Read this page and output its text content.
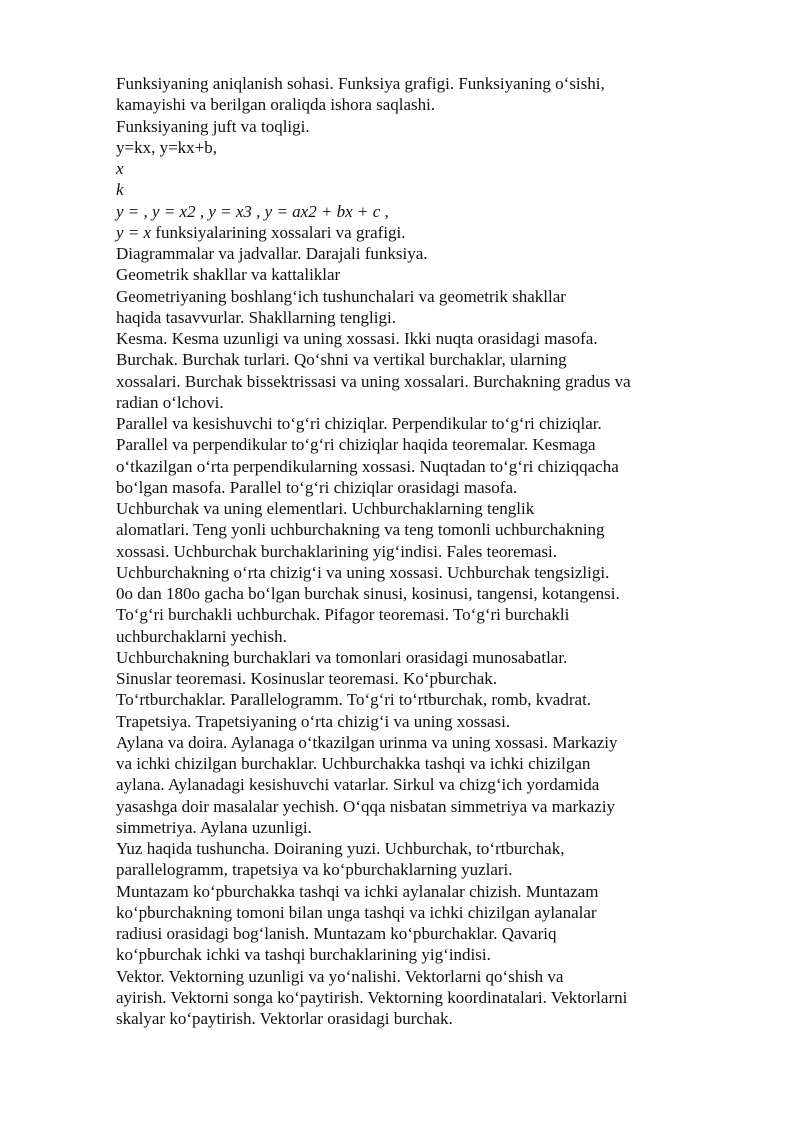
Funksiyaning aniqlanish sohasi. Funksiya grafigi. Funksiyaning o‘sishi,
kamayishi va berilgan oraliqda ishora saqlashi.
Funksiyaning juft va toqligi.
y=kx, y=kx+b,
x
k
y = , y = x2 , y = x3 , y = ax2 + bx + c ,
y = x funksiyalarining xossalari va grafigi.
Diagrammalar va jadvallar. Darajali funksiya.
Geometrik shakllar va kattaliklar
Geometriyaning boshlang‘ich tushunchalari va geometrik shakllar
haqida tasavvurlar. Shakllarning tengligi.
Kesma. Kesma uzunligi va uning xossasi. Ikki nuqta orasidagi masofa.
Burchak. Burchak turlari. Qo‘shni va vertikal burchaklar, ularning
xossalari. Burchak bissektrissasi va uning xossalari. Burchakning gradus va
radian o‘lchovi.
Parallel va kesishuvchi to‘g‘ri chiziqlar. Perpendikular to‘g‘ri chiziqlar.
Parallel va perpendikular to‘g‘ri chiziqlar haqida teoremalar. Kesmaga
o‘tkazilgan o‘rta perpendikularning xossasi. Nuqtadan to‘g‘ri chiziqqacha
bo‘lgan masofa. Parallel to‘g‘ri chiziqlar orasidagi masofa.
Uchburchak va uning elementlari. Uchburchaklarning tenglik
alomatlari. Teng yonli uchburchakning va teng tomonli uchburchakning
xossasi. Uchburchak burchaklarining yig‘indisi. Fales teoremasi.
Uchburchakning o‘rta chizig‘i va uning xossasi. Uchburchak tengsizligi.
0o dan 180o gacha bo‘lgan burchak sinusi, kosinusi, tangensi, kotangensi.
To‘g‘ri burchakli uchburchak. Pifagor teoremasi. To‘g‘ri burchakli
uchburchaklarni yechish.
Uchburchakning burchaklari va tomonlari orasidagi munosabatlar.
Sinuslar teoremasi. Kosinuslar teoremasi. Ko‘pburchak.
To‘rtburchaklar. Parallelogramm. To‘g‘ri to‘rtburchak, romb, kvadrat.
Trapetsiya. Trapetsiyaning o‘rta chizig‘i va uning xossasi.
Aylana va doira. Aylanaga o‘tkazilgan urinma va uning xossasi. Markaziy
va ichki chizilgan burchaklar. Uchburchakka tashqi va ichki chizilgan
aylana. Aylanadagi kesishuvchi vatarlar. Sirkul va chizg‘ich yordamida
yasashga doir masalalar yechish. O‘qqa nisbatan simmetriya va markaziy
simmetriya. Aylana uzunligi.
Yuz haqida tushuncha. Doiraning yuzi. Uchburchak, to‘rtburchak,
parallelogramm, trapetsiya va ko‘pburchaklarning yuzlari.
Muntazam ko‘pburchakka tashqi va ichki aylanalar chizish. Muntazam
ko‘pburchakning tomoni bilan unga tashqi va ichki chizilgan aylanalar
radiusi orasidagi bog‘lanish. Muntazam ko‘pburchaklar. Qavariq
ko‘pburchak ichki va tashqi burchaklarining yig‘indisi.
Vektor. Vektorning uzunligi va yo‘nalishi. Vektorlarni qo‘shish va
ayirish. Vektorni songa ko‘paytirish. Vektorning koordinatalari. Vektorlarni
skalyar ko‘paytirish. Vektorlar orasidagi burchak.
